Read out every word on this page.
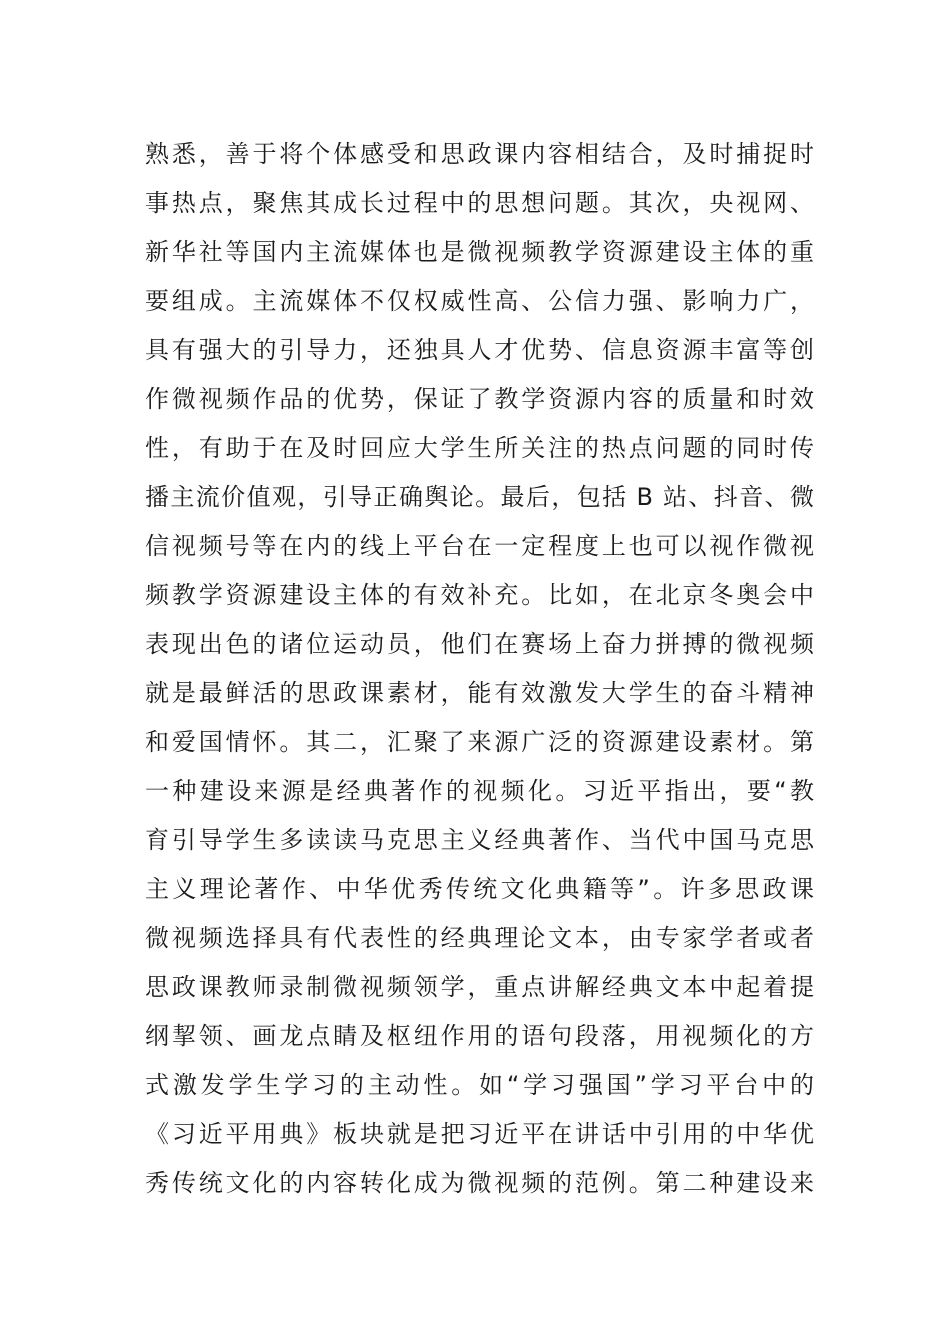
熟悉，善于将个体感受和思政课内容相结合，及时捕捉时
事热点，聚焦其成长过程中的思想问题。其次，央视网、
新华社等国内主流媒体也是微视频教学资源建设主体的重
要组成。主流媒体不仅权威性高、公信力强、影响力广，
具有强大的引导力，还独具人才优势、信息资源丰富等创
作微视频作品的优势，保证了教学资源内容的质量和时效
性，有助于在及时回应大学生所关注的热点问题的同时传
播主流价值观，引导正确舆论。最后，包括 B 站、抖音、微
信视频号等在内的线上平台在一定程度上也可以视作微视
频教学资源建设主体的有效补充。比如，在北京冬奥会中
表现出色的诸位运动员，他们在赛场上奋力拼搏的微视频
就是最鲜活的思政课素材，能有效激发大学生的奋斗精神
和爱国情怀。其二，汇聚了来源广泛的资源建设素材。第
一种建设来源是经典著作的视频化。习近平指出，要“教
育引导学生多读读马克思主义经典著作、当代中国马克思
主义理论著作、中华优秀传统文化典籍等”。许多思政课
微视频选择具有代表性的经典理论文本，由专家学者或者
思政课教师录制微视频领学，重点讲解经典文本中起着提
纲挈领、画龙点睛及枢纽作用的语句段落，用视频化的方
式激发学生学习的主动性。如“学习强国”学习平台中的
《习近平用典》板块就是把习近平在讲话中引用的中华优
秀传统文化的内容转化成为微视频的范例。第二种建设来
